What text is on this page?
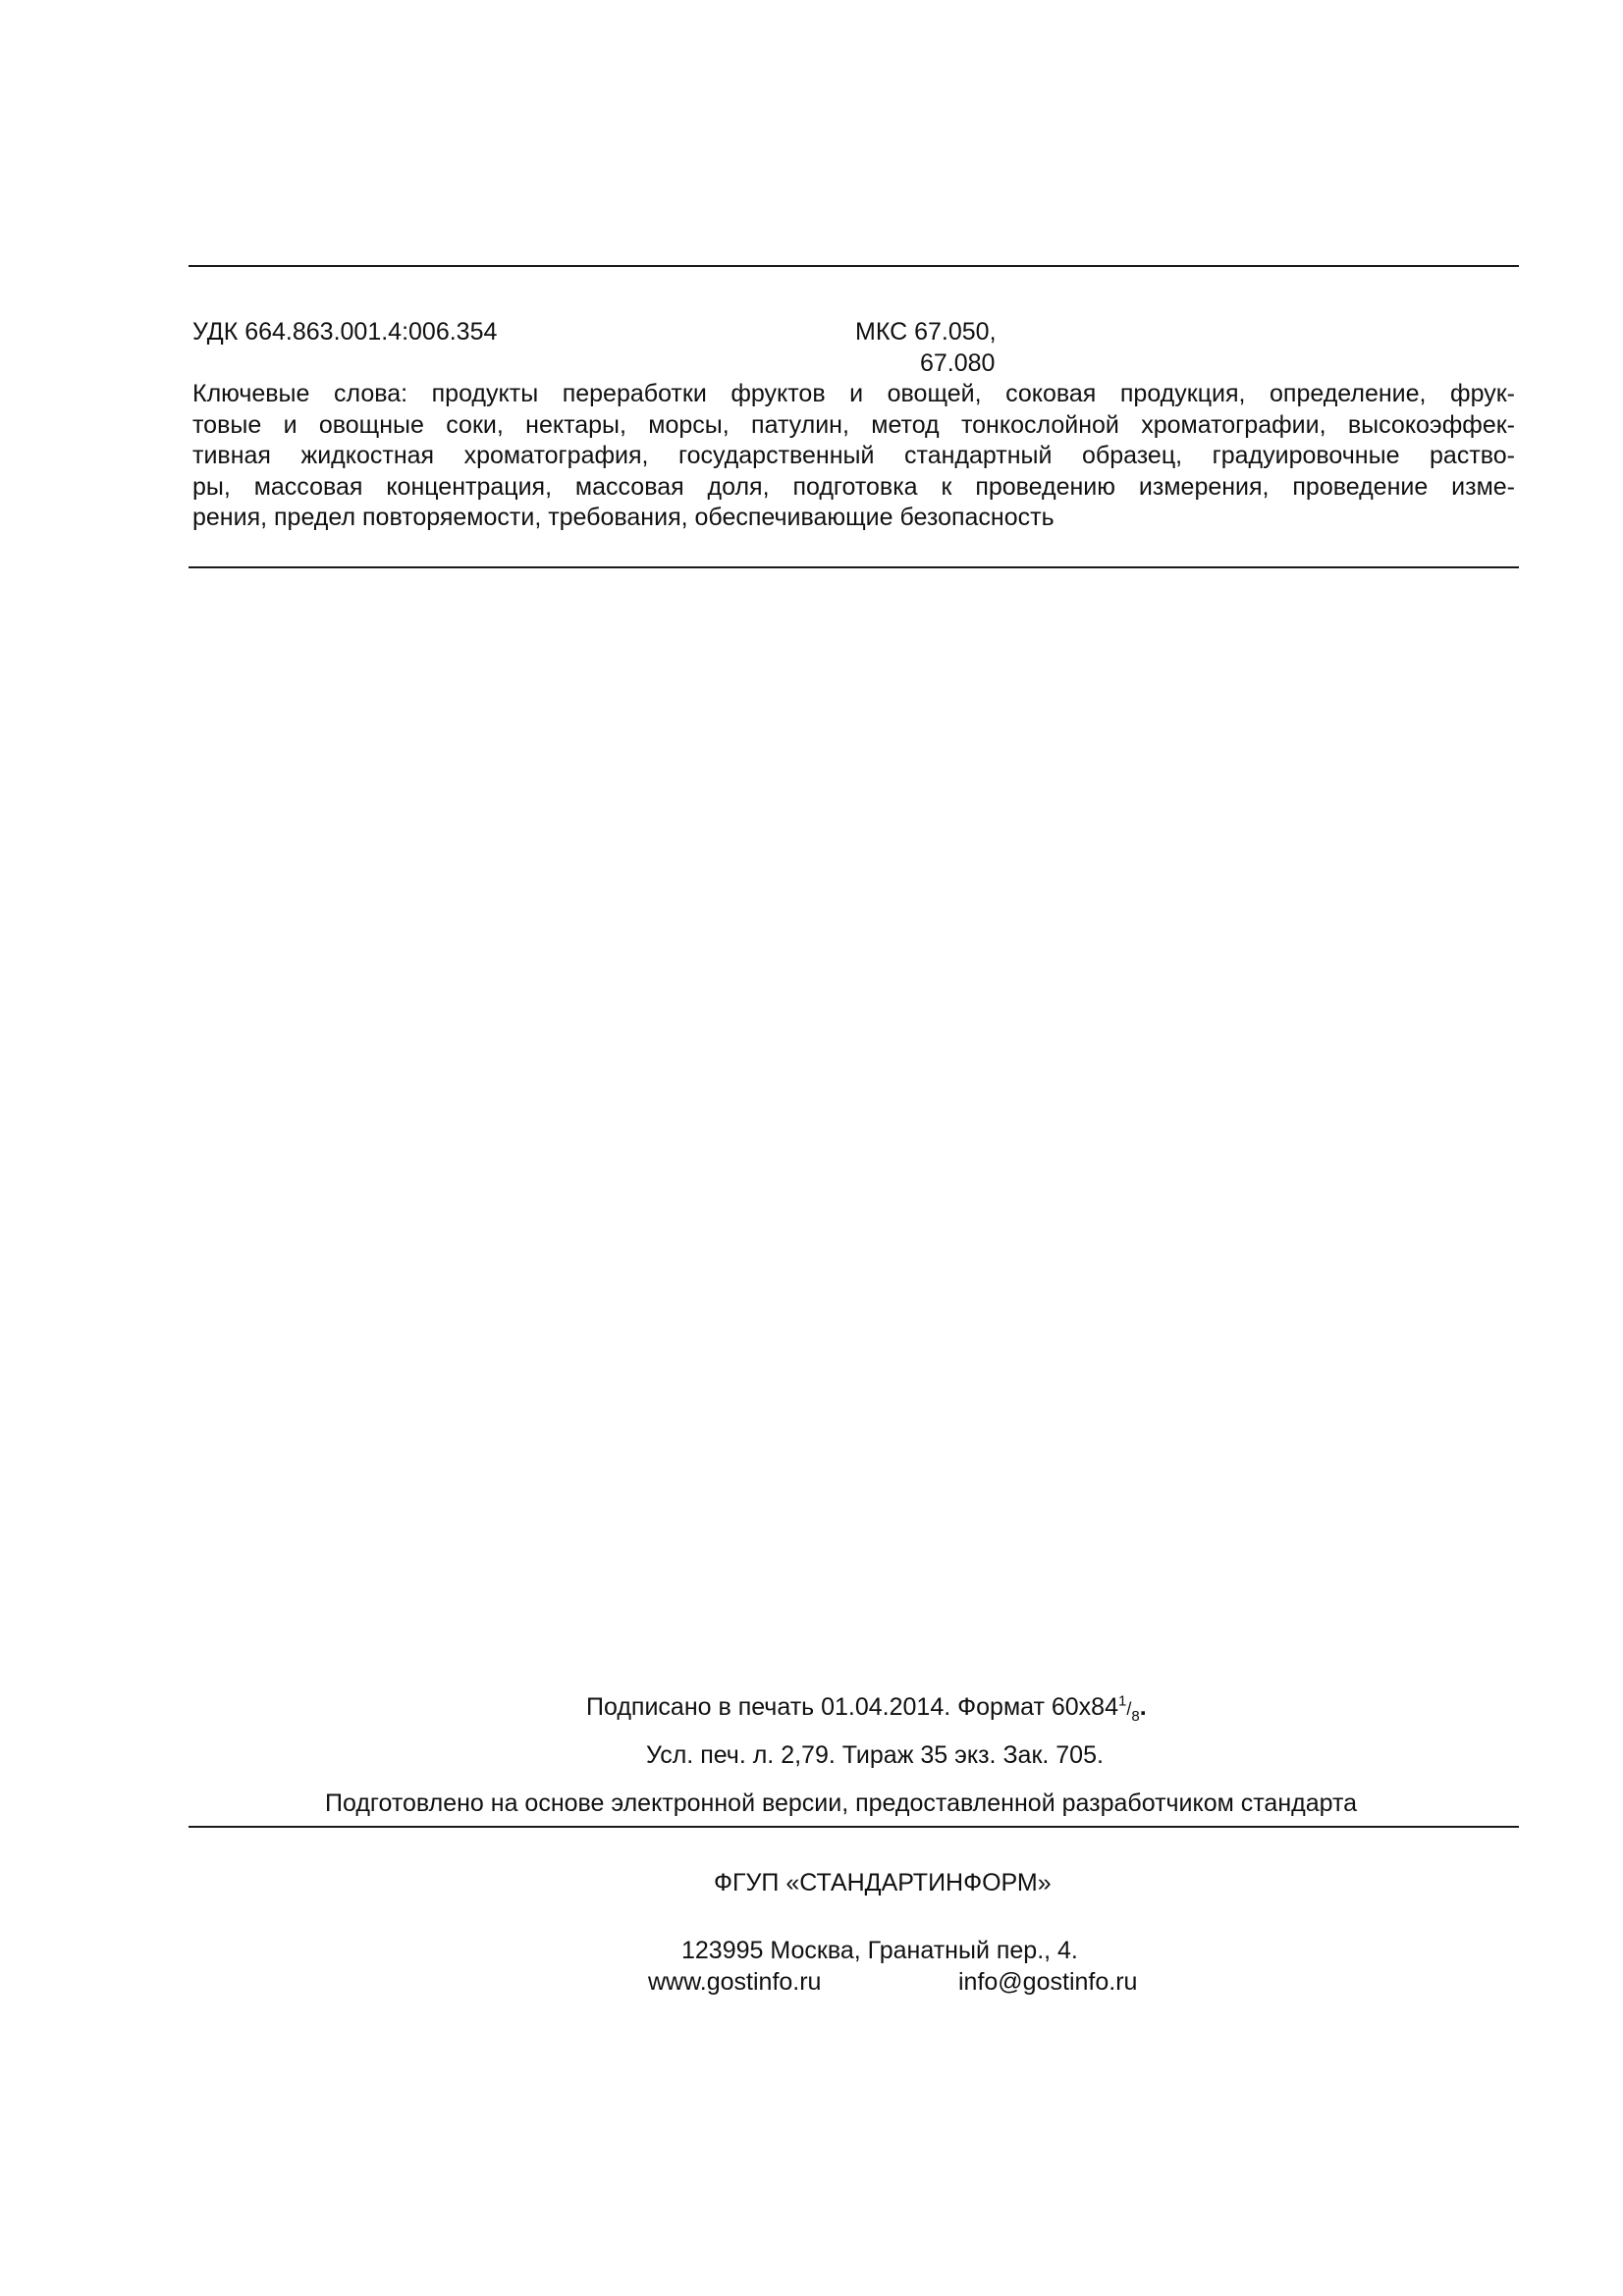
УДК 664.863.001.4:006.354	МКС 67.050,
67.080
Ключевые слова: продукты переработки фруктов и овощей, соковая продукция, определение, фрук-
товые и овощные соки, нектары, морсы, патулин, метод тонкослойной хроматографии, высокоэффек-
тивная жидкостная хроматография, государственный стандартный образец, градуировочные раство-
ры, массовая концентрация, массовая доля, подготовка к проведению измерения, проведение изме-
рения, предел повторяемости, требования, обеспечивающие безопасность
Подписано в печать 01.04.2014. Формат $60x84^1/_8$.
Усл. печ. л. 2,79. Тираж 35 экз. Зак. 705.
Подготовлено на основе электронной версии, предоставленной разработчиком стандарта
ФГУП «СТАНДАРТИНФОРМ»
123995 Москва, Гранатный пер., 4.
www.gostinfo.ru	info@gostinfo.ru
